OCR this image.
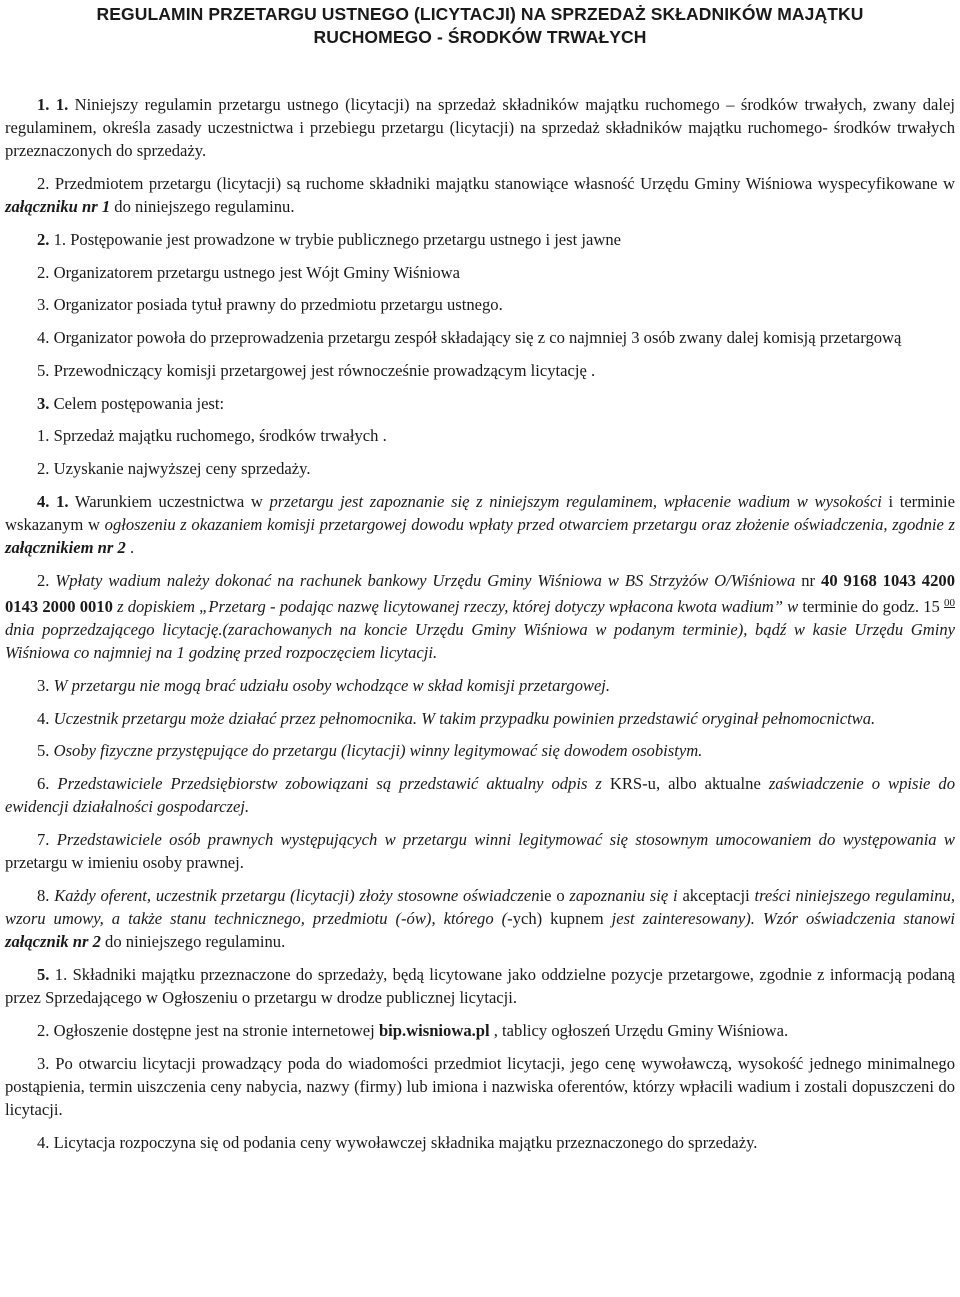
REGULAMIN PRZETARGU USTNEGO (LICYTACJI) NA SPRZEDAŻ SKŁADNIKÓW MAJĄTKU
RUCHOMEGO - ŚRODKÓW TRWAŁYCH

1. 1. Niniejszy regulamin przetargu ustnego (licytacji) na sprzedaż składników majątku ruchomego – środków trwałych, zwany dalej regulaminem, określa zasady uczestnictwa i przebiegu przetargu (licytacji) na sprzedaż składników majątku ruchomego- środków trwałych przeznaczonych do sprzedaży.

2. Przedmiotem przetargu (licytacji) są ruchome składniki majątku stanowiące własność Urzędu Gminy Wiśniowa wyspecyfikowane w załączniku nr 1 do niniejszego regulaminu.

2. 1. Postępowanie jest prowadzone w trybie publicznego przetargu ustnego i jest jawne

2. Organizatorem przetargu ustnego jest Wójt Gminy Wiśniowa

3. Organizator posiada tytuł prawny do przedmiotu przetargu ustnego.

4. Organizator powoła do przeprowadzenia przetargu zespół składający się z co najmniej 3 osób zwany dalej komisją przetargową

5. Przewodniczący komisji przetargowej jest równocześnie prowadzącym licytację .

3. Celem postępowania jest:

1. Sprzedaż majątku ruchomego, środków trwałych .

2. Uzyskanie najwyższej ceny sprzedaży.

4. 1. Warunkiem uczestnictwa w przetargu jest zapoznanie się z niniejszym regulaminem, wpłacenie wadium w wysokości i terminie wskazanym w ogłoszeniu z okazaniem komisji przetargowej dowodu wpłaty przed otwarciem przetargu oraz złożenie oświadczenia, zgodnie z załącznikiem nr 2 .

2. Wpłaty wadium należy dokonać na rachunek bankowy Urzędu Gminy Wiśniowa w BS Strzyżów O/Wiśniowa nr 40 9168 1043 4200 0143 2000 0010 z dopiskiem „Przetarg - podając nazwę licytowanej rzeczy, której dotyczy wpłacona kwota wadium” w terminie do godz. 15 $^{00}$ dnia poprzedzającego licytację.(zarachowanych na koncie Urzędu Gminy Wiśniowa w podanym terminie), bądź w kasie Urzędu Gminy Wiśniowa co najmniej na 1 godzinę przed rozpoczęciem licytacji.

3. W przetargu nie mogą brać udziału osoby wchodzące w skład komisji przetargowej.

4. Uczestnik przetargu może działać przez pełnomocnika. W takim przypadku powinien przedstawić oryginał pełnomocnictwa.

5. Osoby fizyczne przystępujące do przetargu (licytacji) winny legitymować się dowodem osobistym.

6. Przedstawiciele Przedsiębiorstw zobowiązani są przedstawić aktualny odpis z KRS-u, albo aktualne zaświadczenie o wpisie do ewidencji działalności gospodarczej.

7. Przedstawiciele osób prawnych występujących w przetargu winni legitymować się stosownym umocowaniem do występowania w przetargu w imieniu osoby prawnej.

8. Każdy oferent, uczestnik przetargu (licytacji) złoży stosowne oświadczenie o zapoznaniu się i akceptacji treści niniejszego regulaminu, wzoru umowy, a także stanu technicznego, przedmiotu (-ów), którego (-ych) kupnem jest zainteresowany). Wzór oświadczenia stanowi załącznik nr 2 do niniejszego regulaminu.

5. 1. Składniki majątku przeznaczone do sprzedaży, będą licytowane jako oddzielne pozycje przetargowe, zgodnie z informacją podaną przez Sprzedającego w Ogłoszeniu o przetargu w drodze publicznej licytacji.

2. Ogłoszenie dostępne jest na stronie internetowej bip.wisniowa.pl , tablicy ogłoszeń Urzędu Gminy Wiśniowa.

3. Po otwarciu licytacji prowadzący poda do wiadomości przedmiot licytacji, jego cenę wywoławczą, wysokość jednego minimalnego postąpienia, termin uiszczenia ceny nabycia, nazwy (firmy) lub imiona i nazwiska oferentów, którzy wpłacili wadium i zostali dopuszczeni do licytacji.

4. Licytacja rozpoczyna się od podania ceny wywoławczej składnika majątku przeznaczonego do sprzedaży.
